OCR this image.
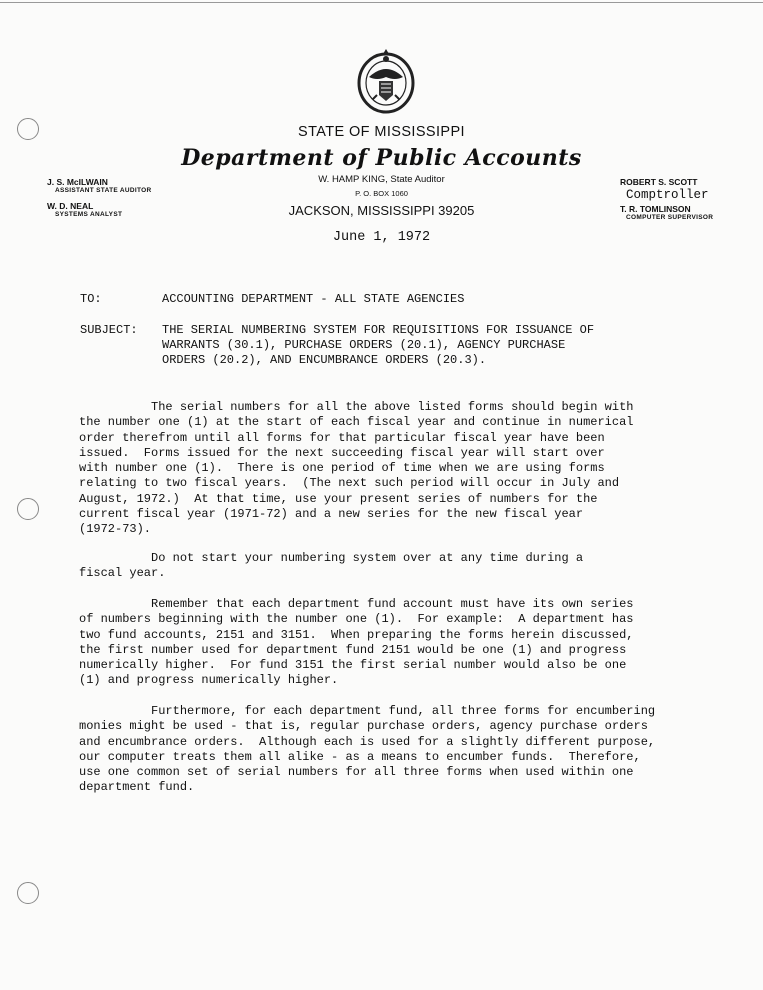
STATE OF MISSISSIPPI
Department of Public Accounts
W. HAMP KING, State Auditor
P. O. BOX 1060
JACKSON, MISSISSIPPI 39205
J. S. McILWAIN
ASSISTANT STATE AUDITOR
W. D. NEAL
SYSTEMS ANALYST
ROBERT S. SCOTT
Comptroller
T. R. TOMLINSON
COMPUTER SUPERVISOR
June 1, 1972
TO:	ACCOUNTING DEPARTMENT - ALL STATE AGENCIES
SUBJECT: THE SERIAL NUMBERING SYSTEM FOR REQUISITIONS FOR ISSUANCE OF
WARRANTS (30.1), PURCHASE ORDERS (20.1), AGENCY PURCHASE
ORDERS (20.2), AND ENCUMBRANCE ORDERS (20.3).
The serial numbers for all the above listed forms should begin with
the number one (1) at the start of each fiscal year and continue in numerical
order therefrom until all forms for that particular fiscal year have been
issued.  Forms issued for the next succeeding fiscal year will start over
with number one (1).  There is one period of time when we are using forms
relating to two fiscal years.  (The next such period will occur in July and
August, 1972.)  At that time, use your present series of numbers for the
current fiscal year (1971-72) and a new series for the new fiscal year
(1972-73).
Do not start your numbering system over at any time during a
fiscal year.
Remember that each department fund account must have its own series
of numbers beginning with the number one (1).  For example:  A department has
two fund accounts, 2151 and 3151.  When preparing the forms herein discussed,
the first number used for department fund 2151 would be one (1) and progress
numerically higher.  For fund 3151 the first serial number would also be one
(1) and progress numerically higher.
Furthermore, for each department fund, all three forms for encumbering
monies might be used - that is, regular purchase orders, agency purchase orders
and encumbrance orders.  Although each is used for a slightly different purpose,
our computer treats them all alike - as a means to encumber funds.  Therefore,
use one common set of serial numbers for all three forms when used within one
department fund.
